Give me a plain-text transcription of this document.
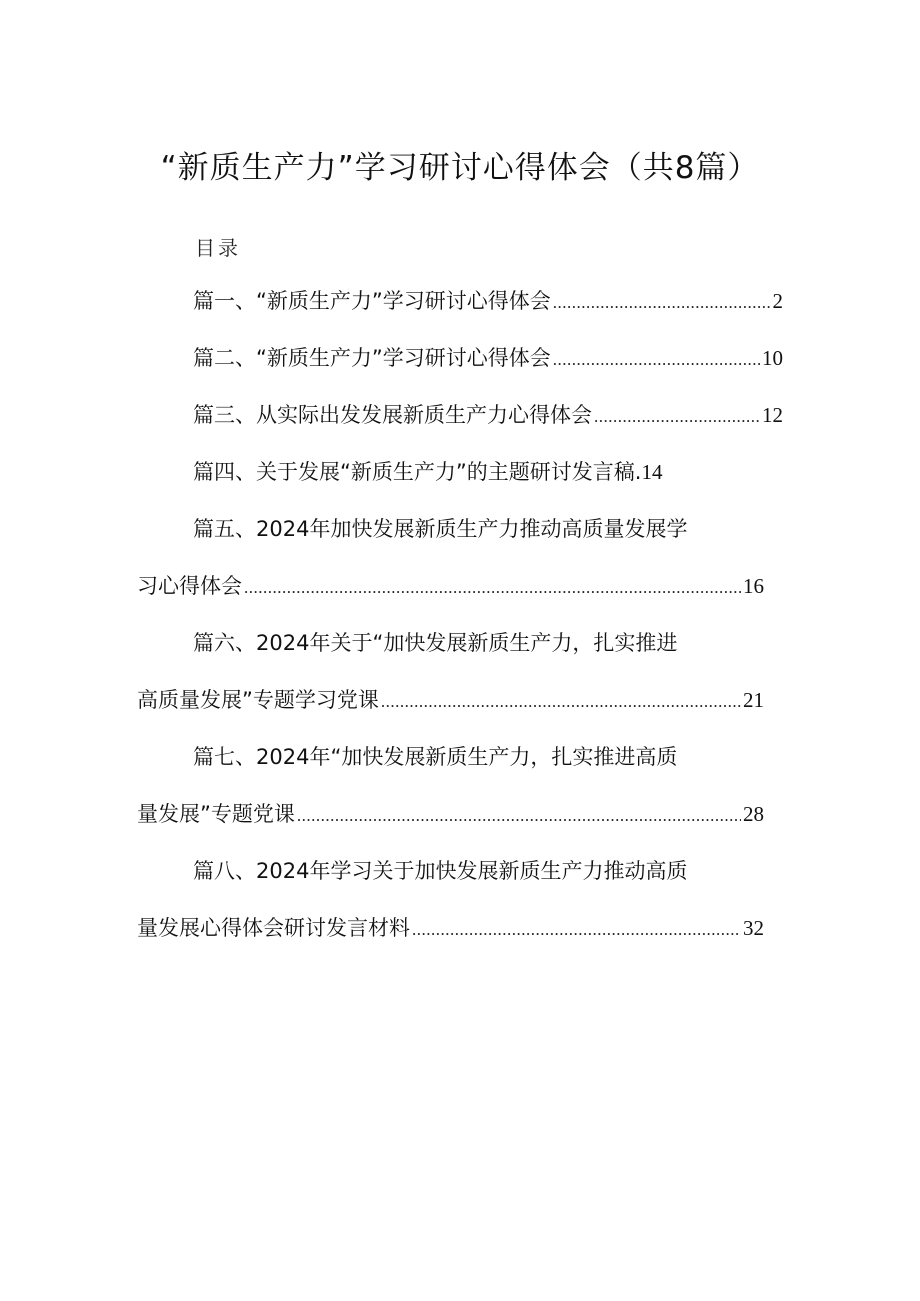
“新质生产力”学习研讨心得体会（共8篇）
目录
篇一、“新质生产力”学习研讨心得体会 .....	2
篇二、“新质生产力”学习研讨心得体会 .....	10
篇三、从实际出发发展新质生产力心得体会 .....	12
篇四、关于发展“新质生产力”的主题研讨发言稿. 14
篇五、2024年加快发展新质生产力推动高质量发展学
习心得体会 .....	16
篇六、2024年关于“加快发展新质生产力，扎实推进
高质量发展”专题学习党课 .....	21
篇七、2024年“加快发展新质生产力，扎实推进高质
量发展”专题党课 .....	28
篇八、2024年学习关于加快发展新质生产力推动高质
量发展心得体会研讨发言材料 .....	32
